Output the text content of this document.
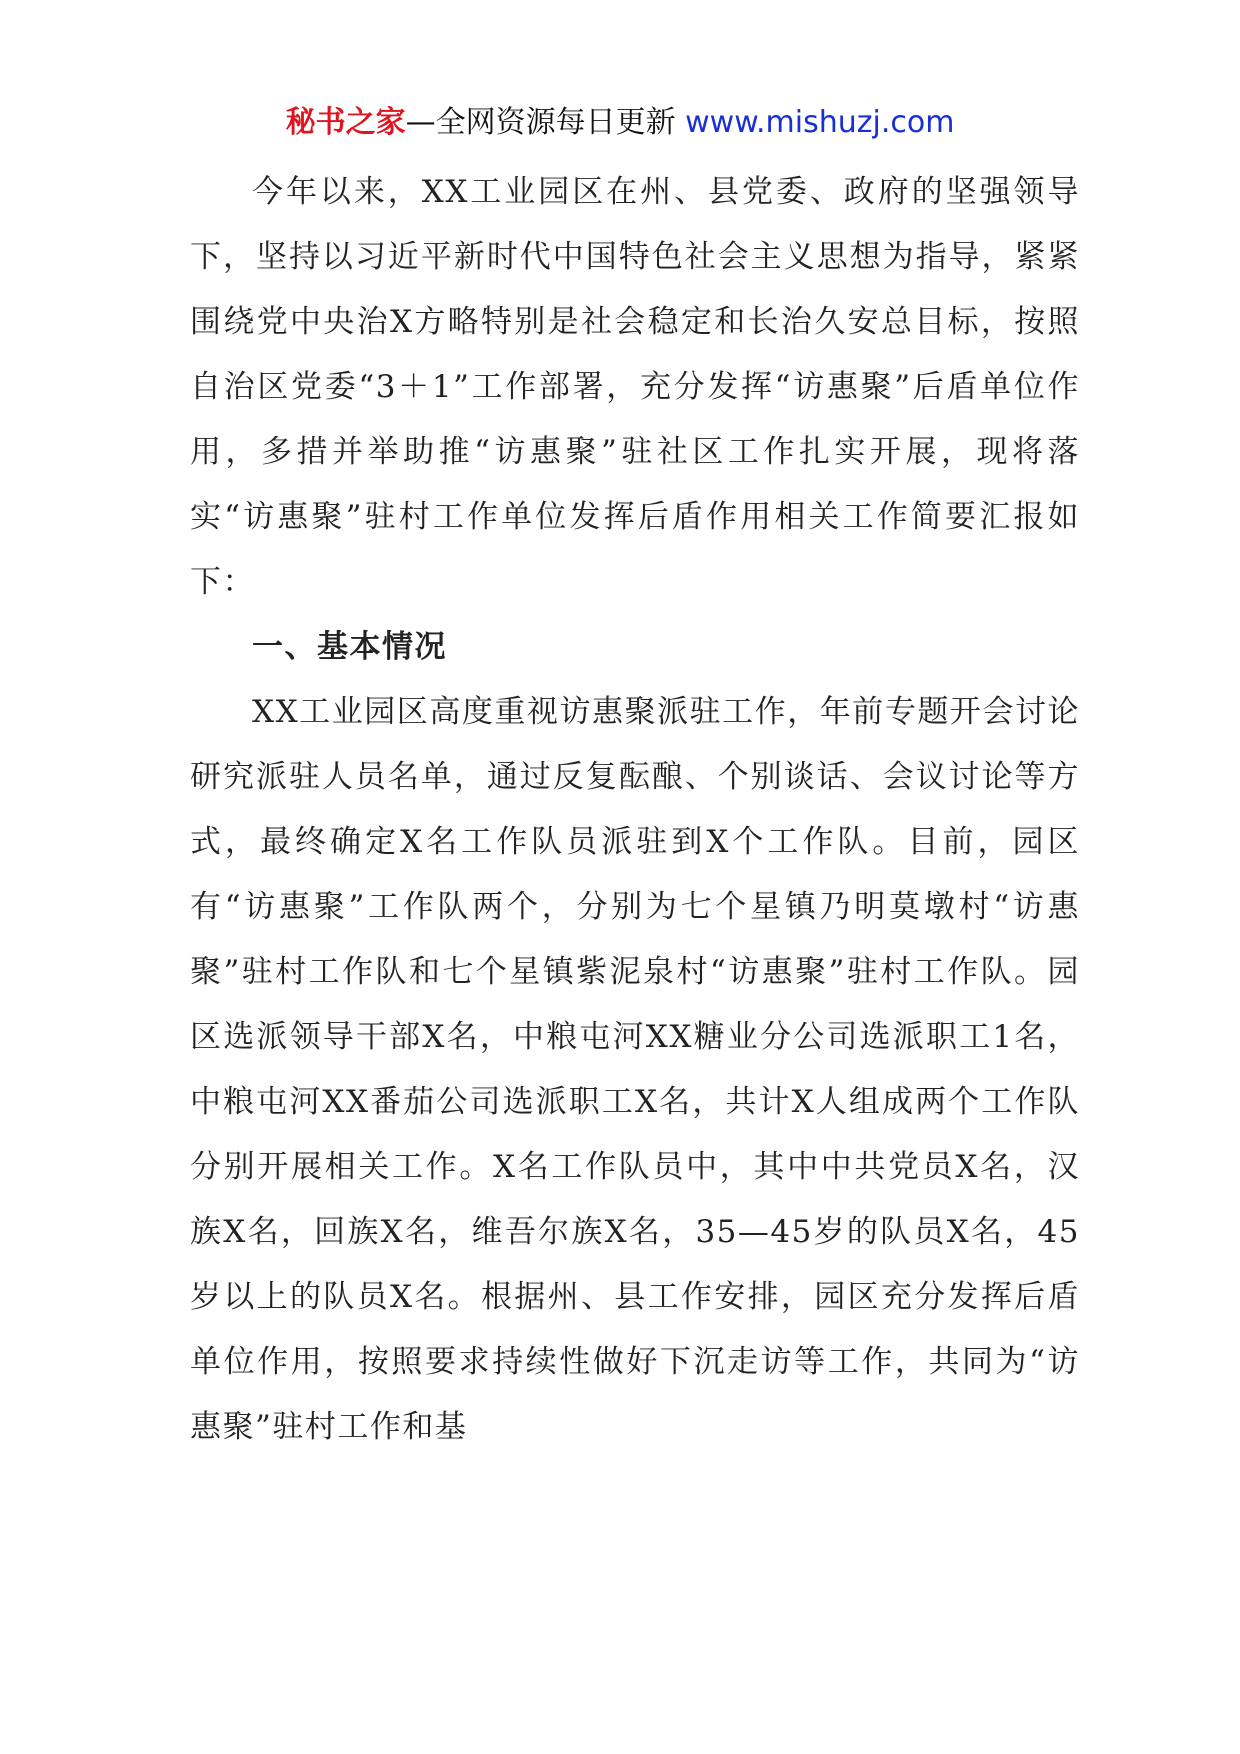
秘书之家—全网资源每日更新 www.mishuzj.com

今年以来，XX工业园区在州、县党委、政府的坚强领导下，坚持以习近平新时代中国特色社会主义思想为指导，紧紧围绕党中央治X方略特别是社会稳定和长治久安总目标，按照自治区党委“3＋1”工作部署，充分发挥“访惠聚”后盾单位作用，多措并举助推“访惠聚”驻社区工作扎实开展，现将落实“访惠聚”驻村工作单位发挥后盾作用相关工作简要汇报如下：

一、基本情况

XX工业园区高度重视访惠聚派驻工作，年前专题开会讨论研究派驻人员名单，通过反复酝酿、个别谈话、会议讨论等方式，最终确定X名工作队员派驻到X个工作队。目前，园区有“访惠聚”工作队两个，分别为七个星镇乃明莫墩村“访惠聚”驻村工作队和七个星镇紫泥泉村“访惠聚”驻村工作队。园区选派领导干部X名，中粮屯河XX糖业分公司选派职工1名，中粮屯河XX番茄公司选派职工X名，共计X人组成两个工作队分别开展相关工作。X名工作队员中，其中中共党员X名，汉族X名，回族X名，维吾尔族X名，35—45岁的队员X名，45岁以上的队员X名。根据州、县工作安排，园区充分发挥后盾单位作用，按照要求持续性做好下沉走访等工作，共同为“访惠聚”驻村工作和基
